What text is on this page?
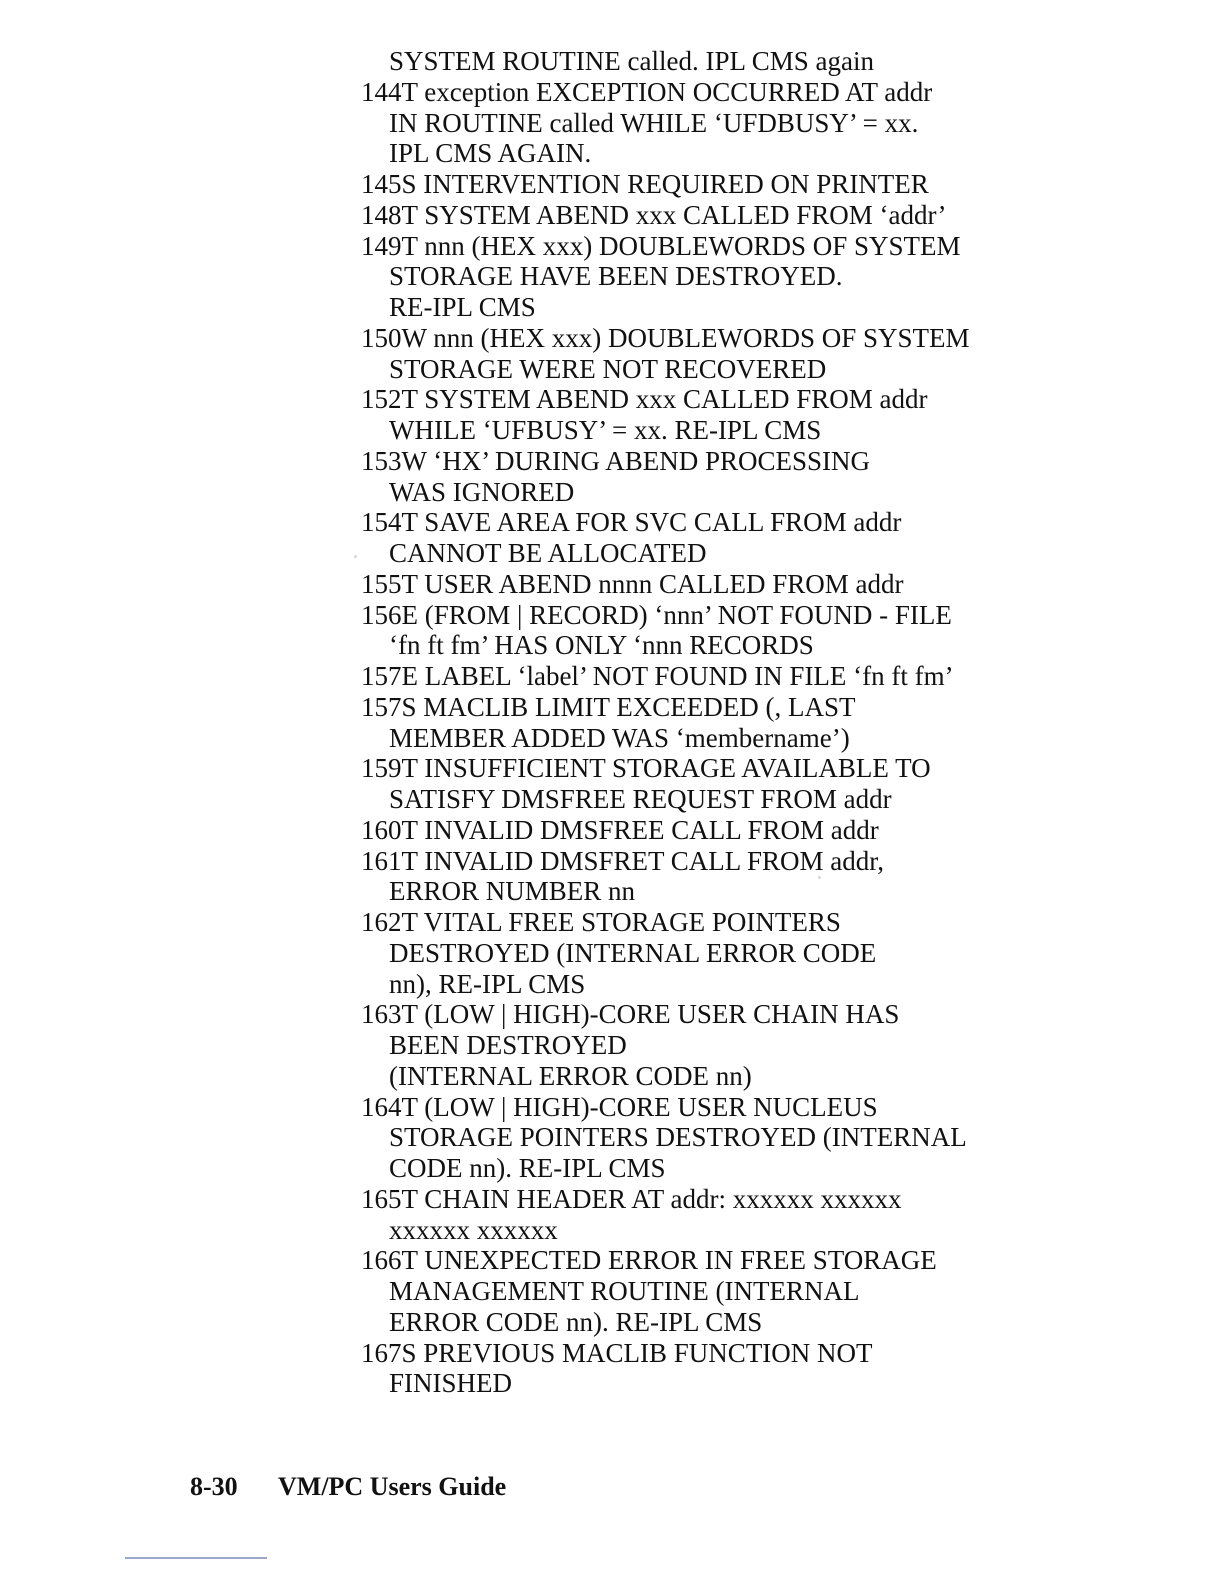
SYSTEM ROUTINE called. IPL CMS again
144T exception EXCEPTION OCCURRED AT addr
IN ROUTINE called WHILE ‘UFDBUSY’ = xx.
IPL CMS AGAIN.
145S INTERVENTION REQUIRED ON PRINTER
148T SYSTEM ABEND xxx CALLED FROM ‘addr’
149T nnn (HEX xxx) DOUBLEWORDS OF SYSTEM
STORAGE HAVE BEEN DESTROYED.
RE-IPL CMS
150W nnn (HEX xxx) DOUBLEWORDS OF SYSTEM
STORAGE WERE NOT RECOVERED
152T SYSTEM ABEND xxx CALLED FROM addr
WHILE ‘UFBUSY’ = xx. RE-IPL CMS
153W ‘HX’ DURING ABEND PROCESSING
WAS IGNORED
154T SAVE AREA FOR SVC CALL FROM addr
CANNOT BE ALLOCATED
155T USER ABEND nnnn CALLED FROM addr
156E (FROM | RECORD) ‘nnn’ NOT FOUND - FILE
‘fn ft fm’ HAS ONLY ‘nnn RECORDS
157E LABEL ‘label’ NOT FOUND IN FILE ‘fn ft fm’
157S MACLIB LIMIT EXCEEDED (, LAST
MEMBER ADDED WAS ‘membername’)
159T INSUFFICIENT STORAGE AVAILABLE TO
SATISFY DMSFREE REQUEST FROM addr
160T INVALID DMSFREE CALL FROM addr
161T INVALID DMSFRET CALL FROM addr,
ERROR NUMBER nn
162T VITAL FREE STORAGE POINTERS
DESTROYED (INTERNAL ERROR CODE
nn), RE-IPL CMS
163T (LOW | HIGH)-CORE USER CHAIN HAS
BEEN DESTROYED
(INTERNAL ERROR CODE nn)
164T (LOW | HIGH)-CORE USER NUCLEUS
STORAGE POINTERS DESTROYED (INTERNAL
CODE nn). RE-IPL CMS
165T CHAIN HEADER AT addr: xxxxxx xxxxxx
xxxxxx xxxxxx
166T UNEXPECTED ERROR IN FREE STORAGE
MANAGEMENT ROUTINE (INTERNAL
ERROR CODE nn). RE-IPL CMS
167S PREVIOUS MACLIB FUNCTION NOT
FINISHED
8-30 VM/PC Users Guide
